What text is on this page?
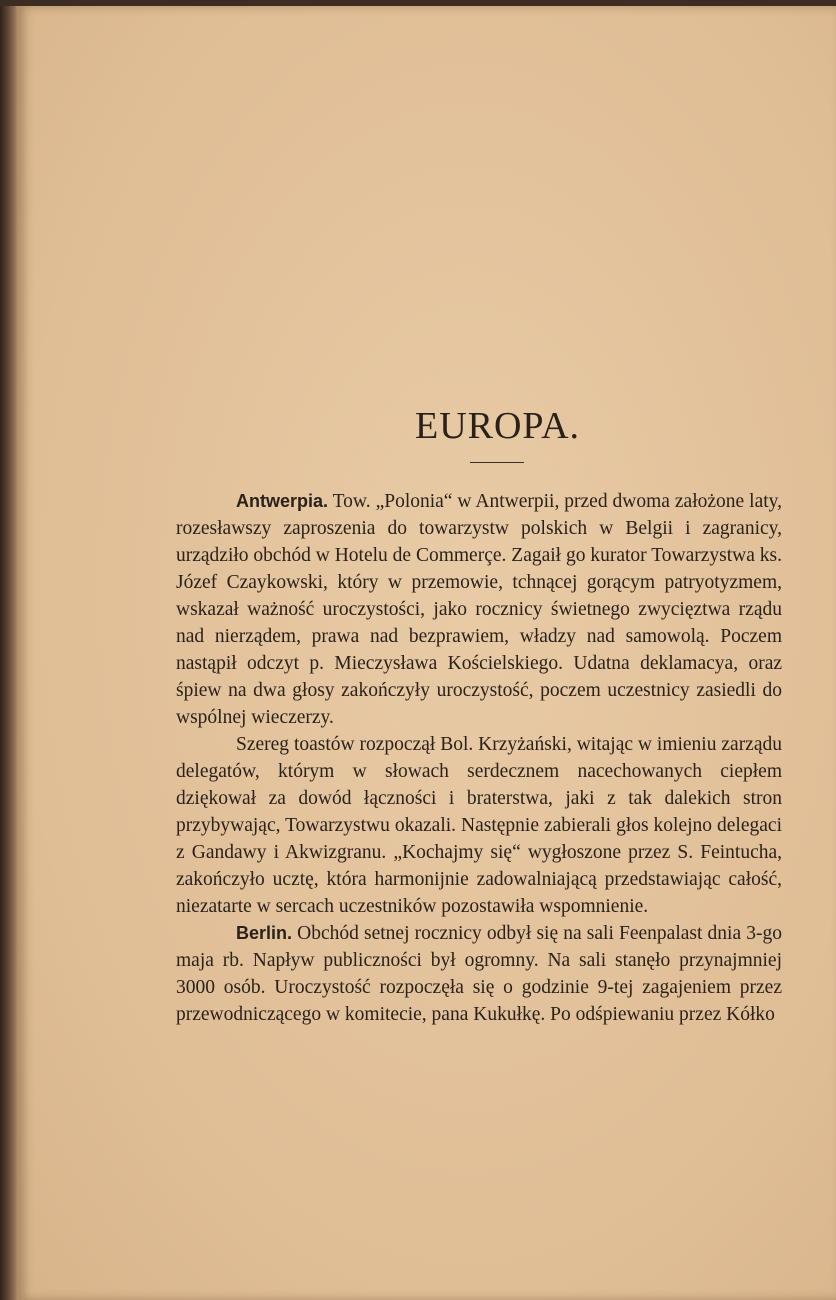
EUROPA.

Antwerpia. Tow. „Polonia“ w Antwerpii, przed dwoma założone laty, rozesławszy zaproszenia do towarzystw polskich w Belgii i zagranicy, urządziło obchód w Hotelu de Commerçe. Zagaił go kurator Towarzystwa ks. Józef Czaykowski, który w przemowie, tchnącej gorącym patryotyzmem, wskazał ważność uroczystości, jako rocznicy świetnego zwycięztwa rządu nad nierządem, prawa nad bezprawiem, władzy nad samowolą. Poczem nastąpił odczyt p. Mieczysława Kościelskiego. Udatna deklamacya, oraz śpiew na dwa głosy zakończyły uroczystość, poczem uczestnicy zasiedli do wspólnej wieczerzy.

Szereg toastów rozpoczął Bol. Krzyżański, witając w imieniu zarządu delegatów, którym w słowach serdecznem nacechowanych ciepłem dziękował za dowód łączności i braterstwa, jaki z tak dalekich stron przybywając, Towarzystwu okazali. Następnie zabierali głos kolejno delegaci z Gandawy i Akwizgranu. „Kochajmy się“ wygłoszone przez S. Feintucha, zakończyło ucztę, która harmonijnie zadowalniającą przedstawiając całość, niezatarte w sercach uczestników pozostawiła wspomnienie.

Berlin. Obchód setnej rocznicy odbył się na sali Feenpalast dnia 3-go maja rb. Napływ publiczności był ogromny. Na sali stanęło przynajmniej 3000 osób. Uroczystość rozpoczęła się o godzinie 9-tej zagajeniem przez przewodniczącego w komitecie, pana Kukułkę. Po odśpiewaniu przez Kółko
